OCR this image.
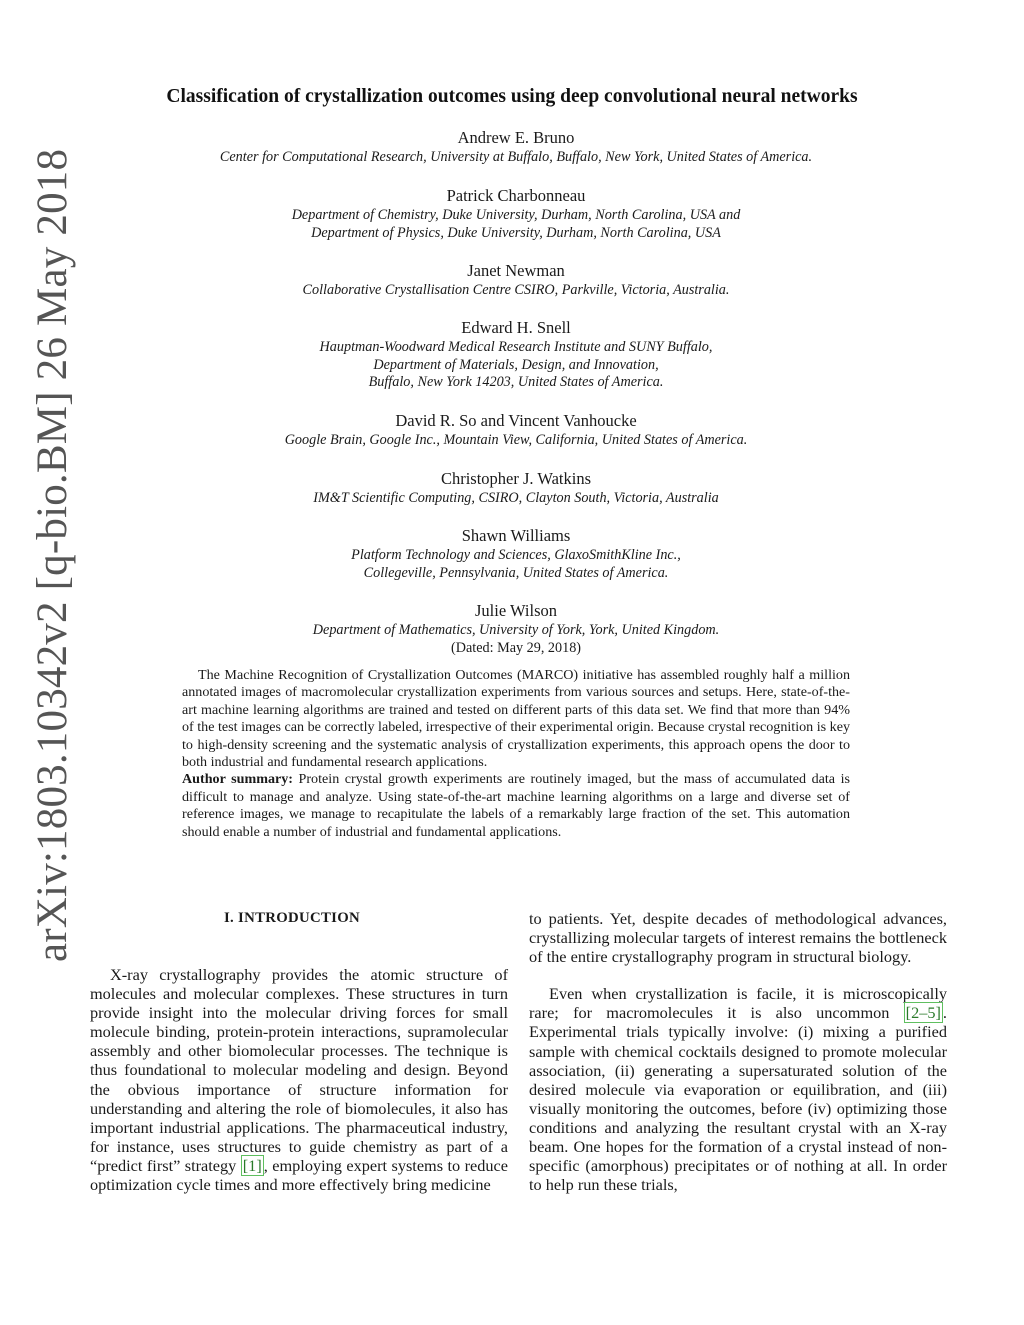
arXiv:1803.10342v2 [q-bio.BM] 26 May 2018
Classification of crystallization outcomes using deep convolutional neural networks
Andrew E. Bruno
Center for Computational Research, University at Buffalo, Buffalo, New York, United States of America.
Patrick Charbonneau
Department of Chemistry, Duke University, Durham, North Carolina, USA and
Department of Physics, Duke University, Durham, North Carolina, USA
Janet Newman
Collaborative Crystallisation Centre CSIRO, Parkville, Victoria, Australia.
Edward H. Snell
Hauptman-Woodward Medical Research Institute and SUNY Buffalo,
Department of Materials, Design, and Innovation,
Buffalo, New York 14203, United States of America.
David R. So and Vincent Vanhoucke
Google Brain, Google Inc., Mountain View, California, United States of America.
Christopher J. Watkins
IM&T Scientific Computing, CSIRO, Clayton South, Victoria, Australia
Shawn Williams
Platform Technology and Sciences, GlaxoSmithKline Inc.,
Collegeville, Pennsylvania, United States of America.
Julie Wilson
Department of Mathematics, University of York, York, United Kingdom.
(Dated: May 29, 2018)

The Machine Recognition of Crystallization Outcomes (MARCO) initiative has assembled roughly half a million annotated images of macromolecular crystallization experiments from various sources and setups. Here, state-of-the-art machine learning algorithms are trained and tested on different parts of this data set. We find that more than 94% of the test images can be correctly labeled, irrespective of their experimental origin. Because crystal recognition is key to high-density screening and the systematic analysis of crystallization experiments, this approach opens the door to both industrial and fundamental research applications.

Author summary: Protein crystal growth experiments are routinely imaged, but the mass of accumulated data is difficult to manage and analyze. Using state-of-the-art machine learning algorithms on a large and diverse set of reference images, we manage to recapitulate the labels of a remarkably large fraction of the set. This automation should enable a number of industrial and fundamental applications.

I. INTRODUCTION

X-ray crystallography provides the atomic structure of molecules and molecular complexes. These structures in turn provide insight into the molecular driving forces for small molecule binding, protein-protein interactions, supramolecular assembly and other biomolecular processes. The technique is thus foundational to molecular modeling and design. Beyond the obvious importance of structure information for understanding and altering the role of biomolecules, it also has important industrial applications. The pharmaceutical industry, for instance, uses structures to guide chemistry as part of a “predict first” strategy [1] , employing expert systems to reduce optimization cycle times and more effectively bring medicine

to patients. Yet, despite decades of methodological advances, crystallizing molecular targets of interest remains the bottleneck of the entire crystallography program in structural biology.

Even when crystallization is facile, it is microscopically rare; for macromolecules it is also uncommon [2–5] . Experimental trials typically involve: (i) mixing a purified sample with chemical cocktails designed to promote molecular association, (ii) generating a supersaturated solution of the desired molecule via evaporation or equilibration, and (iii) visually monitoring the outcomes, before (iv) optimizing those conditions and analyzing the resultant crystal with an X-ray beam. One hopes for the formation of a crystal instead of non-specific (amorphous) precipitates or of nothing at all. In order to help run these trials,
